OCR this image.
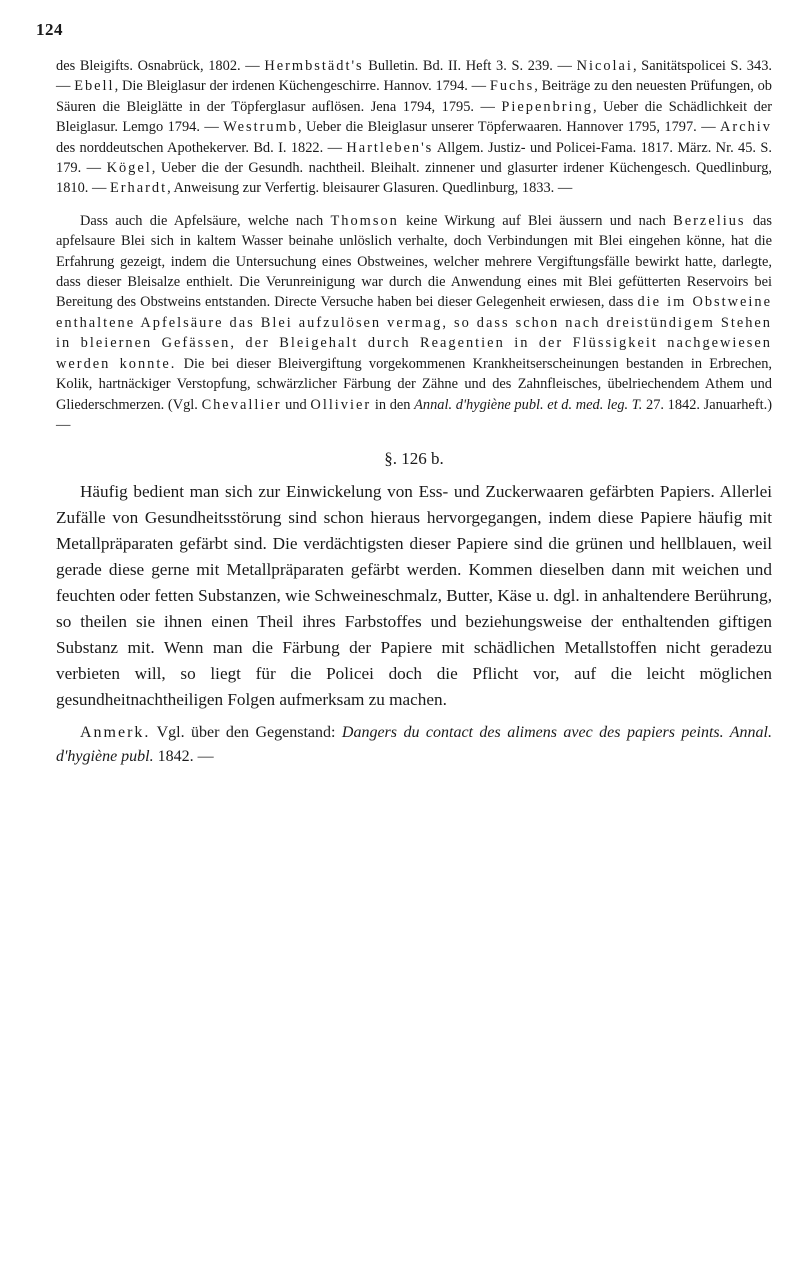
124

des Bleigifts. Osnabrück, 1802. — Hermbstädt's Bulletin. Bd. II. Heft 3. S. 239. — Nicolai, Sanitätspolicei S. 343. — Ebell, Die Bleiglasur der irdenen Küchengeschirre. Hannov. 1794. — Fuchs, Beiträge zu den neuesten Prüfungen, ob Säuren die Bleiglätte in der Töpferglasur auflösen. Jena 1794, 1795. — Piepenbring, Ueber die Schädlichkeit der Bleiglasur. Lemgo 1794. — Westrumb, Ueber die Bleiglasur unserer Töpferwaaren. Hannover 1795, 1797. — Archiv des norddeutschen Apothekerver. Bd. I. 1822. — Hartleben's Allgem. Justiz- und Policei-Fama. 1817. März. Nr. 45. S. 179. — Kögel, Ueber die der Gesundh. nachtheil. Bleihalt. zinnener und glasurter irdener Küchengesch. Quedlinburg, 1810. — Erhardt, Anweisung zur Verfertig. bleisaurer Glasuren. Quedlinburg, 1833. —

Dass auch die Apfelsäure, welche nach Thomson keine Wirkung auf Blei äussern und nach Berzelius das apfelsaure Blei sich in kaltem Wasser beinahe unlöslich verhalte, doch Verbindungen mit Blei eingehen könne, hat die Erfahrung gezeigt, indem die Untersuchung eines Obstweines, welcher mehrere Vergiftungsfälle bewirkt hatte, darlegte, dass dieser Bleisalze enthielt. Die Verunreinigung war durch die Anwendung eines mit Blei gefütterten Reservoirs bei Bereitung des Obstweins entstanden. Directe Versuche haben bei dieser Gelegenheit erwiesen, dass die im Obstweine enthaltene Apfelsäure das Blei aufzulösen vermag, so dass schon nach dreistündigem Stehen in bleiernen Gefässen, der Bleigehalt durch Reagentien in der Flüssigkeit nachgewiesen werden konnte. Die bei dieser Bleivergiftung vorgekommenen Krankheitserscheinungen bestanden in Erbrechen, Kolik, hartnäckiger Verstopfung, schwärzlicher Färbung der Zähne und des Zahnfleisches, übelriechendem Athem und Gliederschmerzen. (Vgl. Chevallier und Ollivier in den Annal. d'hygiène publ. et d. med. leg. T. 27. 1842. Januarheft.) —

§. 126 b.

Häufig bedient man sich zur Einwickelung von Ess- und Zuckerwaaren gefärbten Papiers. Allerlei Zufälle von Gesundheitsstörung sind schon hieraus hervorgegangen, indem diese Papiere häufig mit Metallpräparaten gefärbt sind. Die verdächtigsten dieser Papiere sind die grünen und hellblauen, weil gerade diese gerne mit Metallpräparaten gefärbt werden. Kommen dieselben dann mit weichen und feuchten oder fetten Substanzen, wie Schweineschmalz, Butter, Käse u. dgl. in anhaltendere Berührung, so theilen sie ihnen einen Theil ihres Farbstoffes und beziehungsweise der enthaltenden giftigen Substanz mit. Wenn man die Färbung der Papiere mit schädlichen Metallstoffen nicht geradezu verbieten will, so liegt für die Policei doch die Pflicht vor, auf die leicht möglichen gesundheitnachtheiligen Folgen aufmerksam zu machen.

Anmerk. Vgl. über den Gegenstand: Dangers du contact des alimens avec des papiers peints. Annal. d'hygiène publ. 1842. —
